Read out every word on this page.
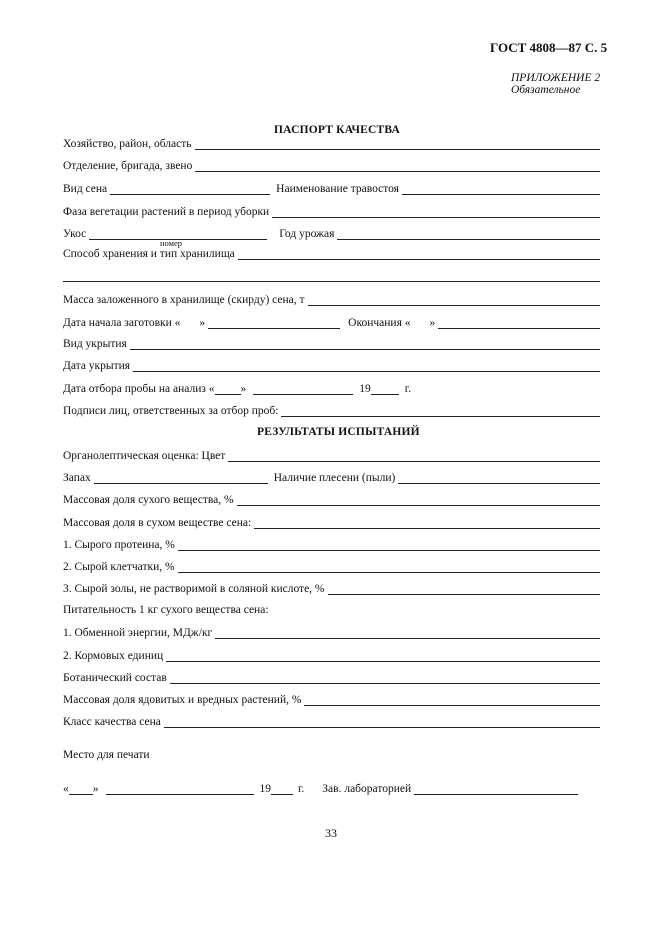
ГОСТ 4808—87 С. 5
ПРИЛОЖЕНИЕ 2
Обязательное
ПАСПОРТ КАЧЕСТВА
Хозяйство, район, область
Отделение, бригада, звено
Вид сена	Наименование травостоя
Фаза вегетации растений в период уборки
Укос	Год урожая
номер
Способ хранения и тип хранилища
Масса заложенного в хранилище (скирду) сена, т
Дата начала заготовки « »	Окончания « »
Вид укрытия
Дата укрытия
Дата отбора пробы на анализ « »	19	г.
Подписи лиц, ответственных за отбор проб:
РЕЗУЛЬТАТЫ ИСПЫТАНИЙ
Органолептическая оценка: Цвет
Запах	Наличие плесени (пыли)
Массовая доля сухого вещества, %
Массовая доля в сухом веществе сена:
1. Сырого протеина, %
2. Сырой клетчатки, %
3. Сырой золы, не растворимой в соляной кислоте, %
Питательность 1 кг сухого вещества сена:
1. Обменной энергии, МДж/кг
2. Кормовых единиц
Ботанический состав
Массовая доля ядовитых и вредных растений, %
Класс качества сена
Место для печати
« »	19 г.	Зав. лабораторией
33
